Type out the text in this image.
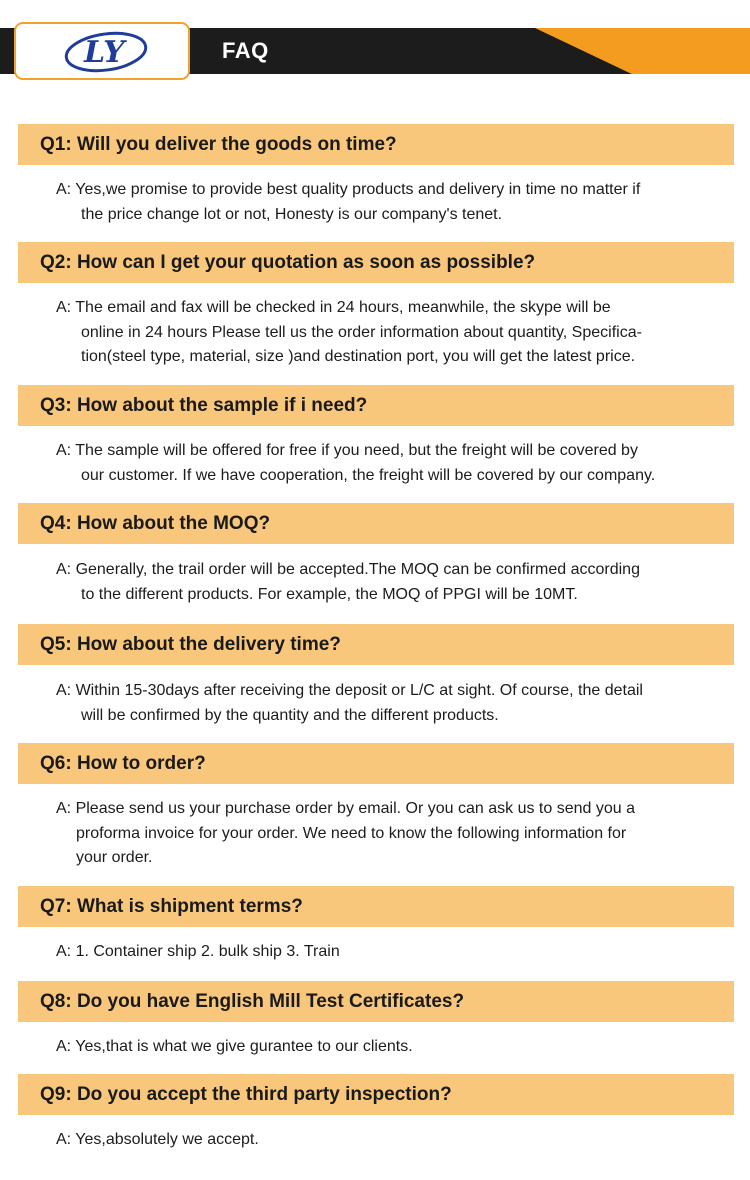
FAQ
LY
Q1: Will you deliver the goods on time?
A: Yes,we promise to provide best quality products and delivery in time no matter if
the price change lot or not, Honesty is our company's tenet.
Q2: How can I get your quotation as soon as possible?
A: The email and fax will be checked in 24 hours, meanwhile, the skype will be
online in 24 hours Please tell us the order information about quantity, Specifica-
tion(steel type, material, size )and destination port, you will get the latest price.
Q3: How about the sample if i need?
A: The sample will be offered for free if you need, but the freight will be covered by
our customer. If we have cooperation, the freight will be covered by our company.
Q4: How about the MOQ?
A: Generally, the trail order will be accepted.The MOQ can be confirmed according
to the different products. For example, the MOQ of PPGI will be 10MT.
Q5: How about the delivery time?
A: Within 15-30days after receiving the deposit or L/C at sight. Of course, the detail
will be confirmed by the quantity and the different products.
Q6: How to order?
A: Please send us your purchase order by email. Or you can ask us to send you a
proforma invoice for your order. We need to know the following information for
your order.
Q7: What is shipment terms?
A: 1. Container ship 2. bulk ship 3. Train
Q8: Do you have English Mill Test Certificates?
A: Yes,that is what we give gurantee to our clients.
Q9: Do you accept the third party inspection?
A: Yes,absolutely we accept.
